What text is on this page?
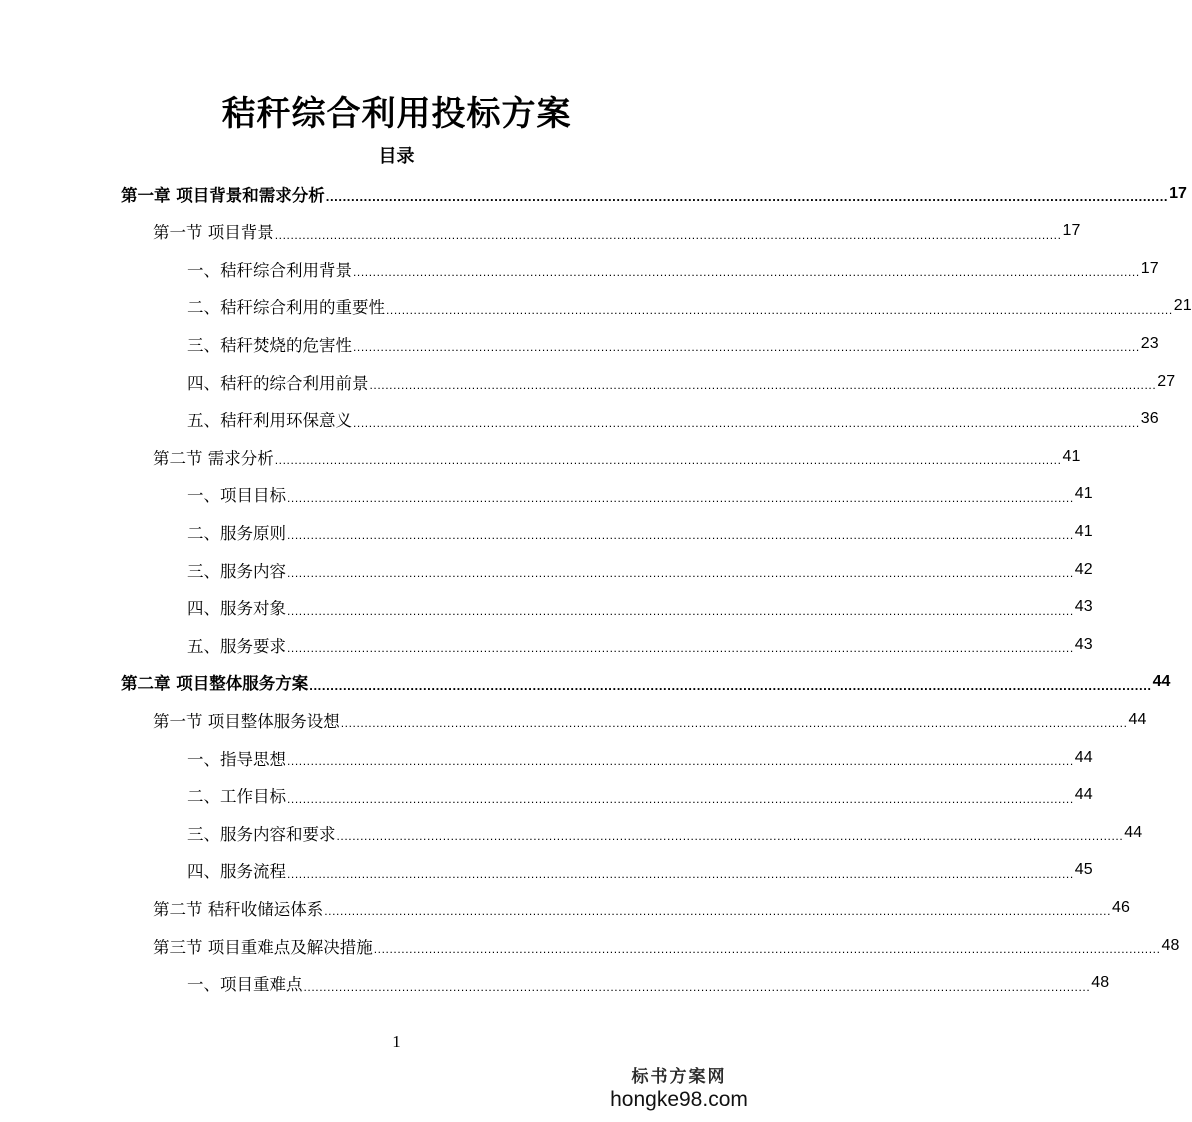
秸秆综合利用投标方案
目录
第一章 项目背景和需求分析 ........................................................................................................................................................................................................ 17
第一节 项目背景 ........................................................................................................................................................................................................ 17
一、秸秆综合利用背景 ........................................................................................................................................................................................................ 17
二、秸秆综合利用的重要性 ........................................................................................................................................................................................................ 21
三、秸秆焚烧的危害性 ........................................................................................................................................................................................................ 23
四、秸秆的综合利用前景 ........................................................................................................................................................................................................ 27
五、秸秆利用环保意义 ........................................................................................................................................................................................................ 36
第二节 需求分析 ........................................................................................................................................................................................................ 41
一、项目目标 ........................................................................................................................................................................................................ 41
二、服务原则 ........................................................................................................................................................................................................ 41
三、服务内容 ........................................................................................................................................................................................................ 42
四、服务对象 ........................................................................................................................................................................................................ 43
五、服务要求 ........................................................................................................................................................................................................ 43
第二章 项目整体服务方案 ........................................................................................................................................................................................................ 44
第一节 项目整体服务设想 ........................................................................................................................................................................................................ 44
一、指导思想 ........................................................................................................................................................................................................ 44
二、工作目标 ........................................................................................................................................................................................................ 44
三、服务内容和要求 ........................................................................................................................................................................................................ 44
四、服务流程 ........................................................................................................................................................................................................ 45
第二节 秸秆收储运体系 ........................................................................................................................................................................................................ 46
第三节 项目重难点及解决措施 ........................................................................................................................................................................................................ 48
一、项目重难点 ........................................................................................................................................................................................................ 48
1
标书方案网
hongke98.com
